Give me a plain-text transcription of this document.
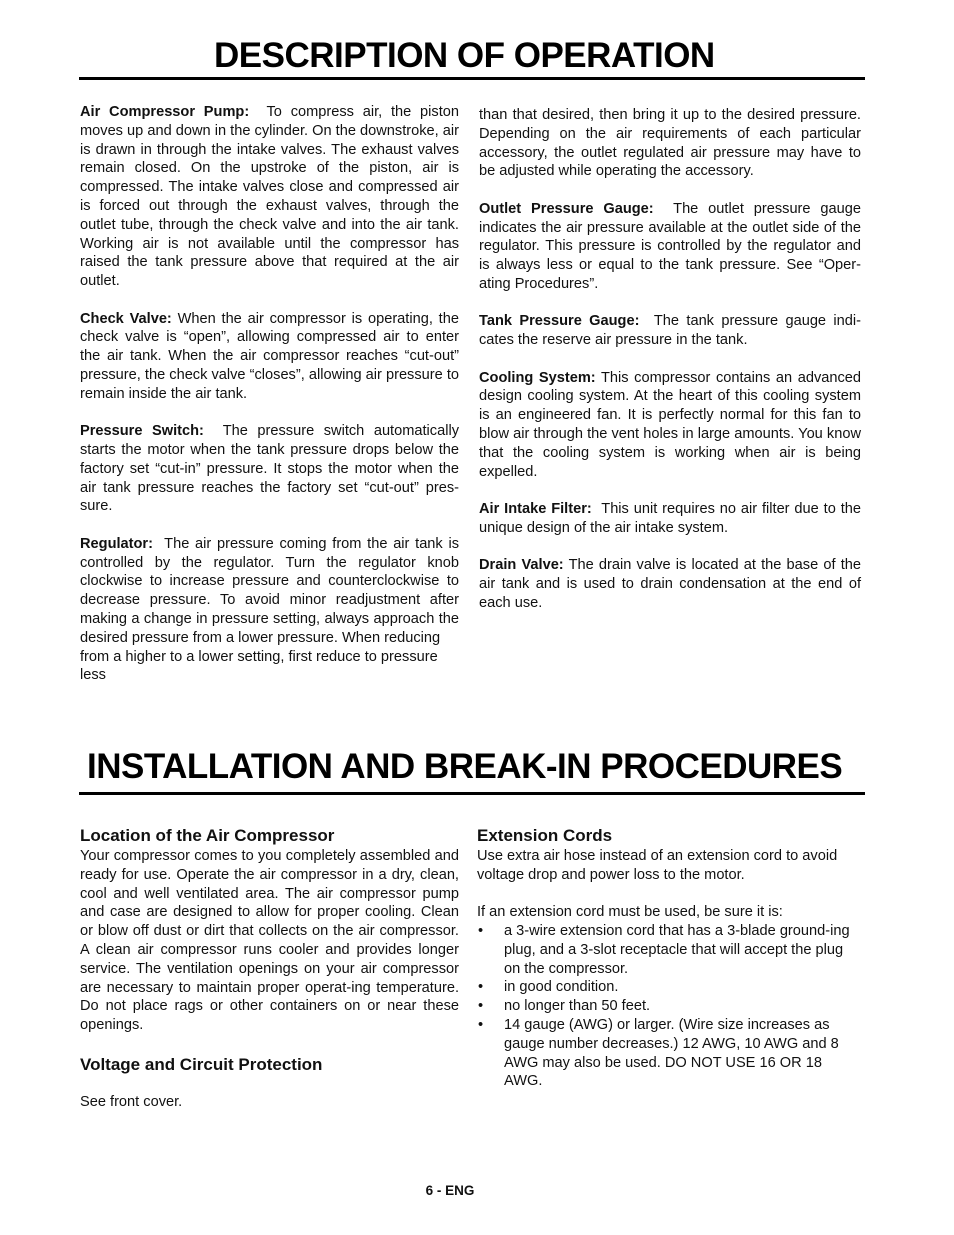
DESCRIPTION OF OPERATION

Air Compressor Pump: To compress air, the piston moves up and down in the cylinder. On the downstroke, air is drawn in through the intake valves. The exhaust valves remain closed. On the upstroke of the piston, air is compressed. The intake valves close and compressed air is forced out through the exhaust valves, through the outlet tube, through the check valve and into the air tank. Working air is not available until the compressor has raised the tank pressure above that required at the air outlet.

Check Valve: When the air compressor is operating, the check valve is “open”, allowing compressed air to enter the air tank. When the air compressor reaches “cut-out” pressure, the check valve “closes”, allowing air pressure to remain inside the air tank.

Pressure Switch: The pressure switch automatically starts the motor when the tank pressure drops below the factory set “cut-in” pressure. It stops the motor when the air tank pressure reaches the factory set “cut-out” pres-sure.

Regulator: The air pressure coming from the air tank is controlled by the regulator. Turn the regulator knob clockwise to increase pressure and counterclockwise to decrease pressure. To avoid minor readjustment after making a change in pressure setting, always approach the desired pressure from a lower pressure. When reducing
from a higher to a lower setting, first reduce to pressure less

than that desired, then bring it up to the desired pressure. Depending on the air requirements of each particular accessory, the outlet regulated air pressure may have to be adjusted while operating the accessory.

Outlet Pressure Gauge: The outlet pressure gauge indicates the air pressure available at the outlet side of the regulator. This pressure is controlled by the regulator and is always less or equal to the tank pressure. See “Oper-ating Procedures”.

Tank Pressure Gauge: The tank pressure gauge indi-cates the reserve air pressure in the tank.

Cooling System: This compressor contains an advanced design cooling system. At the heart of this cooling system is an engineered fan. It is perfectly normal for this fan to blow air through the vent holes in large amounts. You know that the cooling system is working when air is being expelled.

Air Intake Filter: This unit requires no air filter due to the unique design of the air intake system.

Drain Valve: The drain valve is located at the base of the air tank and is used to drain condensation at the end of each use.

INSTALLATION AND BREAK-IN PROCEDURES
Location of the Air Compressor

Your compressor comes to you completely assembled and ready for use. Operate the air compressor in a dry, clean, cool and well ventilated area. The air compressor pump and case are designed to allow for proper cooling. Clean or blow off dust or dirt that collects on the air compressor. A clean air compressor runs cooler and provides longer service. The ventilation openings on your air compressor are necessary to maintain proper operat-ing temperature. Do not place rags or other containers on or near these openings.

Voltage and Circuit Protection

See front cover.

Extension Cords

Use extra air hose instead of an extension cord to avoid voltage drop and power loss to the motor.

If an extension cord must be used, be sure it is:

• a 3-wire extension cord that has a 3-blade ground-ing plug, and a 3-slot receptacle that will accept the plug on the compressor.
• in good condition.
• no longer than 50 feet.
• 14 gauge (AWG) or larger. (Wire size increases as gauge number decreases.) 12 AWG, 10 AWG and 8 AWG may also be used. DO NOT USE 16 OR 18 AWG.
6 - ENG
